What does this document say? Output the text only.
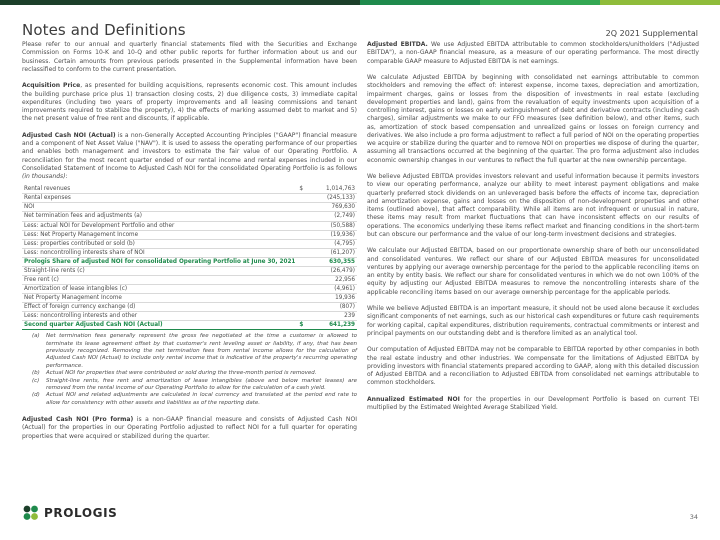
Notes and Definitions	2Q 2021 Supplemental

Please refer to our annual and quarterly financial statements filed with the Securities and Exchange Commission on Forms 10-K and 10-Q and other public reports for further information about us and our business. Certain amounts from previous periods presented in the Supplemental information have been reclassified to conform to the current presentation.

Acquisition Price, as presented for building acquisitions, represents economic cost. This amount includes the building purchase price plus 1) transaction closing costs, 2) due diligence costs, 3) immediate capital expenditures (including two years of property improvements and all leasing commissions and tenant improvements required to stabilize the property), 4) the effects of marking assumed debt to market and 5) the net present value of free rent and discounts, if applicable.

Adjusted Cash NOI (Actual) is a non-Generally Accepted Accounting Principles ("GAAP") financial measure and a component of Net Asset Value ("NAV"). It is used to assess the operating performance of our properties and enables both management and investors to estimate the fair value of our Operating Portfolio. A reconciliation for the most recent quarter ended of our rental income and rental expenses included in our Consolidated Statement of Income to Adjusted Cash NOI for the consolidated Operating Portfolio is as follows (in thousands):

Rental revenues	$	1,014,763
Rental expenses		(245,133)
NOI		769,630
Net termination fees and adjustments (a)		(2,749)
Less: actual NOI for Development Portfolio and other		(50,588)
Less: Net Property Management Income		(19,936)
Less: properties contributed or sold (b)		(4,795)
Less: noncontrolling interests share of NOI		(61,207)
Prologis Share of adjusted NOI for consolidated Operating Portfolio at June 30, 2021		630,355
Straight-line rents (c)		(26,479)
Free rent (c)		22,956
Amortization of lease intangibles (c)		(4,961)
Net Property Management Income		19,936
Effect of foreign currency exchange (d)		(807)
Less: noncontrolling interests and other		239
Second quarter Adjusted Cash NOI (Actual)	$	641,239
(a)	Net termination fees generally represent the gross fee negotiated at the time a customer is allowed to terminate its lease agreement offset by that customer's rent leveling asset or liability, if any, that has been previously recognized. Removing the net termination fees from rental income allows for the calculation of Adjusted Cash NOI (Actual) to include only rental income that is indicative of the property's recurring operating performance.
(b)	Actual NOI for properties that were contributed or sold during the three-month period is removed.
(c)	Straight-line rents, free rent and amortization of lease intangibles (above and below market leases) are removed from the rental income of our Operating Portfolio to allow for the calculation of a cash yield.
(d)	Actual NOI and related adjustments are calculated in local currency and translated at the period end rate to allow for consistency with other assets and liabilities as of the reporting date.

Adjusted Cash NOI (Pro forma) is a non-GAAP financial measure and consists of Adjusted Cash NOI (Actual) for the properties in our Operating Portfolio adjusted to reflect NOI for a full quarter for operating properties that were acquired or stabilized during the quarter.

Adjusted EBITDA. We use Adjusted EBITDA attributable to common stockholders/unitholders ("Adjusted EBITDA"), a non-GAAP financial measure, as a measure of our operating performance. The most directly comparable GAAP measure to Adjusted EBITDA is net earnings.

We calculate Adjusted EBITDA by beginning with consolidated net earnings attributable to common stockholders and removing the effect of: interest expense, income taxes, depreciation and amortization, impairment charges, gains or losses from the disposition of investments in real estate (excluding development properties and land), gains from the revaluation of equity investments upon acquisition of a controlling interest, gains or losses on early extinguishment of debt and derivative contracts (including cash charges), similar adjustments we make to our FFO measures (see definition below), and other items, such as, amortization of stock based compensation and unrealized gains or losses on foreign currency and derivatives. We also include a pro forma adjustment to reflect a full period of NOI on the operating properties we acquire or stabilize during the quarter and to remove NOI on properties we dispose of during the quarter, assuming all transactions occurred at the beginning of the quarter. The pro forma adjustment also includes economic ownership changes in our ventures to reflect the full quarter at the new ownership percentage.

We believe Adjusted EBITDA provides investors relevant and useful information because it permits investors to view our operating performance, analyze our ability to meet interest payment obligations and make quarterly preferred stock dividends on an unleveraged basis before the effects of income tax, depreciation and amortization expense, gains and losses on the disposition of non-development properties and other items (outlined above), that affect comparability. While all items are not infrequent or unusual in nature, these items may result from market fluctuations that can have inconsistent effects on our results of operations. The economics underlying these items reflect market and financing conditions in the short-term but can obscure our performance and the value of our long-term investment decisions and strategies.

We calculate our Adjusted EBITDA, based on our proportionate ownership share of both our unconsolidated and consolidated ventures. We reflect our share of our Adjusted EBITDA measures for unconsolidated ventures by applying our average ownership percentage for the period to the applicable reconciling items on an entity by entity basis. We reflect our share for consolidated ventures in which we do not own 100% of the equity by adjusting our Adjusted EBITDA measures to remove the noncontrolling interests share of the applicable reconciling items based on our average ownership percentage for the applicable periods.

While we believe Adjusted EBITDA is an important measure, it should not be used alone because it excludes significant components of net earnings, such as our historical cash expenditures or future cash requirements for working capital, capital expenditures, distribution requirements, contractual commitments or interest and principal payments on our outstanding debt and is therefore limited as an analytical tool.

Our computation of Adjusted EBITDA may not be comparable to EBITDA reported by other companies in both the real estate industry and other industries. We compensate for the limitations of Adjusted EBITDA by providing investors with financial statements prepared according to GAAP, along with this detailed discussion of Adjusted EBITDA and a reconciliation to Adjusted EBITDA from consolidated net earnings attributable to common stockholders.

Annualized Estimated NOI for the properties in our Development Portfolio is based on current TEI multiplied by the Estimated Weighted Average Stabilized Yield.

PROLOGIS	34
